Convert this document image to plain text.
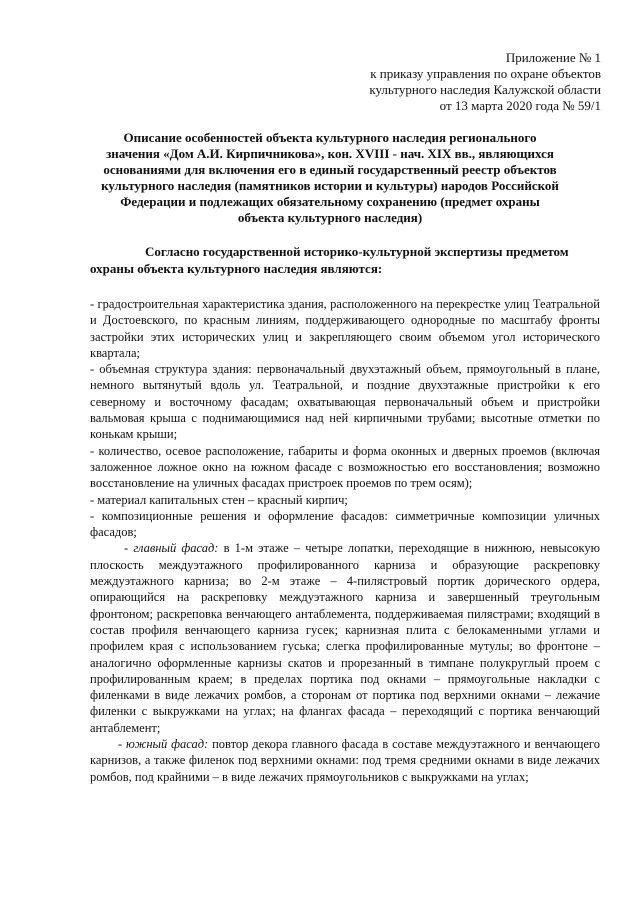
Приложение № 1
к приказу управления по охране объектов
культурного наследия Калужской области
от 13 марта 2020 года № 59/1
Описание особенностей объекта культурного наследия регионального
значения «Дом А.И. Кирпичникова», кон. XVIII - нач. XIX вв., являющихся
основаниями для включения его в единый государственный реестр объектов
культурного наследия (памятников истории и культуры) народов Российской
Федерации и подлежащих обязательному сохранению (предмет охраны
объекта культурного наследия)
Согласно государственной историко-культурной экспертизы предметом
охраны объекта культурного наследия являются:

- градостроительная характеристика здания, расположенного на перекрестке улиц Театральной и Достоевского, по красным линиям, поддерживающего однородные по масштабу фронты застройки этих исторических улиц и закрепляющего своим объемом угол исторического квартала;

- объемная структура здания: первоначальный двухэтажный объем, прямоугольный в плане, немного вытянутый вдоль ул. Театральной, и поздние двухэтажные пристройки к его северному и восточному фасадам; охватывающая первоначальный объем и пристройки вальмовая крыша с поднимающимися над ней кирпичными трубами; высотные отметки по конькам крыши;

- количество, осевое расположение, габариты и форма оконных и дверных проемов (включая заложенное ложное окно на южном фасаде с возможностью его восстановления; возможно восстановление на уличных фасадах пристроек проемов по трем осям);

- материал капитальных стен – красный кирпич;

- композиционные решения и оформление фасадов: симметричные композиции уличных фасадов;

- главный фасад: в 1-м этаже – четыре лопатки, переходящие в нижнюю, невысокую плоскость междуэтажного профилированного карниза и образующие раскреповку междуэтажного карниза; во 2-м этаже – 4-пилястровый портик дорического ордера, опирающийся на раскреповку междуэтажного карниза и завершенный треугольным фронтоном; раскреповка венчающего антаблемента, поддерживаемая пилястрами; входящий в состав профиля венчающего карниза гусек; карнизная плита с белокаменными углами и профилем края с использованием гуська; слегка профилированные мутулы; во фронтоне – аналогично оформленные карнизы скатов и прорезанный в тимпане полукруглый проем с профилированным краем; в пределах портика под окнами – прямоугольные накладки с филенками в виде лежачих ромбов, а сторонам от портика под верхними окнами – лежачие филенки с выкружками на углах; на флангах фасада – переходящий с портика венчающий антаблемент;

- южный фасад: повтор декора главного фасада в составе междуэтажного и венчающего карнизов, а также филенок под верхними окнами: под тремя средними окнами в виде лежачих ромбов, под крайними – в виде лежачих прямоугольников с выкружками на углах;
